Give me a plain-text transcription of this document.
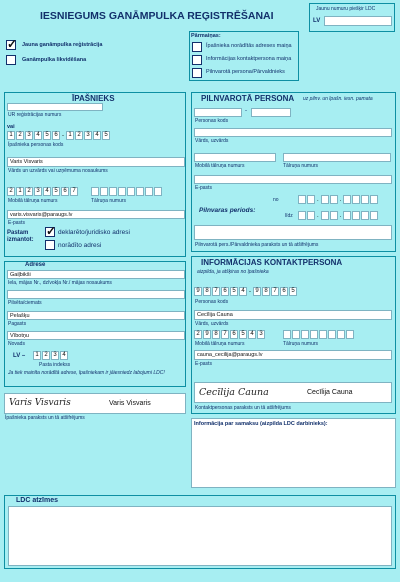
IESNIEGUMS GANĀMPULKA REĢISTRĒŠANAI
Jaunu numuru piešķir LDC
LV
✓
Jauna ganāmpulka reģistrācija
Ganāmpulka likvidēšana
Pārmaiņas:
Īpašnieka norādītās adreses maiņa
Informācijas kontaktpersona maiņa
Pilnvarotā persona/Pārvaldnieks
ĪPAŠNIEKS
UR reģistrācijas numurs
vai
1 2 3 4 5 6 - 1 2 3 4 5
Īpašnieka personas kods
Varis Visvaris
Vārds un uzvārds vai uzņēmuma nosaukums
2 1 2 3 4 5 6 7
Mobilā tālruņa numurs	Tālruņa numurs
varis.visvaris@paraugs.lv
E-pasts
Pastam izmantot:
✓
deklarēto/juridisko adresi
norādīto adresi
Adrese
Gaiļbikši
Iela, mājas Nr., dzīvokļa Nr./ mājas nosaukums
Pilsēta/ciemats
Pelašķu
Pagasts
Vībotņu
Novads
LV –	1 2 3 4
Pasta indekss
Ja tiek mainīta norādītā adrese, īpašniekam ir jāiesniedz labojumi LDC!
Varis Visvaris	Varis Visvaris
Īpašnieka paraksts un tā atšifrējums
PILNVAROTĀ PERSONA uz pilnv. un īpašn. iesn. pamata
-
Personas kods
Vārds, uzvārds
Mobilā tālruņa numurs	Tālruņa numurs
E-pasts
Pilnvaras periods:
no	.	.
līdz	.	.
Pilnvarotā pers./Pārvaldnieka paraksts un tā atšifrējums
INFORMĀCIJAS KONTAKTPERSONA
aizpilda, ja atšķiras no īpašnieka
9 8 7 6 5 4 - 9 8 7 6 5
Personas kods
Cecīlija Cauna
Vārds, uzvārds
2 9 8 7 6 5 4 3
Mobilā tālruņa numurs	Tālruņa numurs
cauna_cecilija@paraugs.lv
E-pasts
Cecīlija Cauna	Cecīlija Cauna
Kontaktpersonas paraksts un tā atšifrējums
Informācija par samaksu (aizpilda LDC darbinieks):
LDC atzīmes
